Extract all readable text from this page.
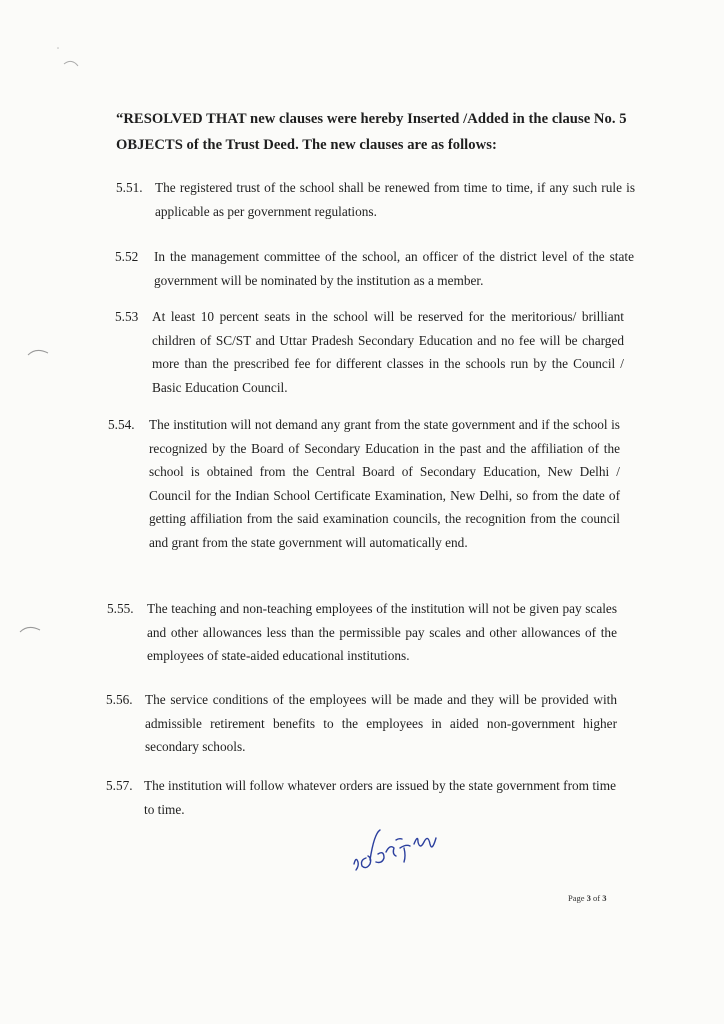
“RESOLVED THAT new clauses were hereby Inserted /Added in the clause No. 5 OBJECTS of the Trust Deed. The new clauses are as follows:
5.51. The registered trust of the school shall be renewed from time to time, if any such rule is applicable as per government regulations.
5.52 In the management committee of the school, an officer of the district level of the state government will be nominated by the institution as a member.
5.53 At least 10 percent seats in the school will be reserved for the meritorious/ brilliant children of SC/ST and Uttar Pradesh Secondary Education and no fee will be charged more than the prescribed fee for different classes in the schools run by the Council / Basic Education Council.
5.54. The institution will not demand any grant from the state government and if the school is recognized by the Board of Secondary Education in the past and the affiliation of the school is obtained from the Central Board of Secondary Education, New Delhi / Council for the Indian School Certificate Examination, New Delhi, so from the date of getting affiliation from the said examination councils, the recognition from the council and grant from the state government will automatically end.
5.55. The teaching and non-teaching employees of the institution will not be given pay scales and other allowances less than the permissible pay scales and other allowances of the employees of state-aided educational institutions.
5.56. The service conditions of the employees will be made and they will be provided with admissible retirement benefits to the employees in aided non-government higher secondary schools.
5.57. The institution will follow whatever orders are issued by the state government from time to time.
Page 3 of 3
